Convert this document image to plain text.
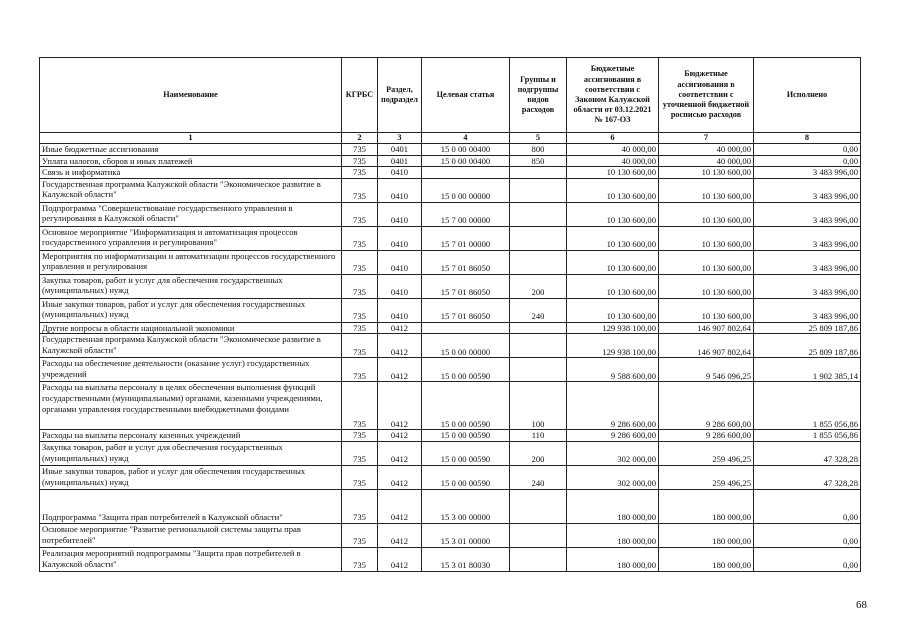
Наименование	КГРБС	Раздел, подраздел	Целевая статья	Группы и подгруппы видов расходов	Бюджетные ассигнования в соответствии с Законом Калужской области от 03.12.2021 № 167-ОЗ	Бюджетные ассигнования в соответствии с уточненной бюджетной росписью расходов	Исполнено
1	2	3	4	5	6	7	8
Иные бюджетные ассигнования	735	0401	15 0 00 00400	800	40 000,00	40 000,00	0,00
Уплата налогов, сборов и иных платежей	735	0401	15 0 00 00400	850	40 000,00	40 000,00	0,00
Связь и информатика	735	0410			10 130 600,00	10 130 600,00	3 483 996,00
Государственная программа Калужской области "Экономическое развитие в Калужской области"	735	0410	15 0 00 00000		10 130 600,00	10 130 600,00	3 483 996,00
Подпрограмма "Совершенствование государственного управления в регулирования в Калужской области"	735	0410	15 7 00 00000		10 130 600,00	10 130 600,00	3 483 996,00
Основное мероприятие "Информатизация и автоматизация процессов государственного управления и регулирования"	735	0410	15 7 01 00000		10 130 600,00	10 130 600,00	3 483 996,00
Мероприятия по информатизации и автоматизации процессов государственного управления и регулирования	735	0410	15 7 01 86050		10 130 600,00	10 130 600,00	3 483 996,00
Закупка товаров, работ и услуг для обеспечения государственных (муниципальных) нужд	735	0410	15 7 01 86050	200	10 130 600,00	10 130 600,00	3 483 996,00
Иные закупки товаров, работ и услуг для обеспечения государственных (муниципальных) нужд	735	0410	15 7 01 86050	240	10 130 600,00	10 130 600,00	3 483 996,00
Другие вопросы в области национальной экономики	735	0412			129 938 100,00	146 907 802,64	25 809 187,86
Государственная программа Калужской области "Экономическое развитие в Калужской области"	735	0412	15 0 00 00000		129 938 100,00	146 907 802,64	25 809 187,86
Расходы на обеспечение деятельности (оказание услуг) государственных учреждений	735	0412	15 0 00 00590		9 588 600,00	9 546 096,25	1 902 385,14
Расходы на выплаты персоналу в целях обеспечения выполнения функций государственными (муниципальными) органами, казенными учреждениями, органами управления государственными внебюджетными фондами	735	0412	15 0 00 00590	100	9 286 600,00	9 286 600,00	1 855 056,86
Расходы на выплаты персоналу казенных учреждений	735	0412	15 0 00 00590	110	9 286 600,00	9 286 600,00	1 855 056,86
Закупка товаров, работ и услуг для обеспечения государственных (муниципальных) нужд	735	0412	15 0 00 00590	200	302 000,00	259 496,25	47 328,28
Иные закупки товаров, работ и услуг для обеспечения государственных (муниципальных) нужд	735	0412	15 0 00 00590	240	302 000,00	259 496,25	47 328,28
Подпрограмма "Защита прав потребителей в Калужской области"	735	0412	15 3 00 00000		180 000,00	180 000,00	0,00
Основное мероприятие "Развитие региональной системы защиты прав потребителей"	735	0412	15 3 01 00000		180 000,00	180 000,00	0,00
Реализация мероприятий подпрограммы "Защита прав потребителей в Калужской области"	735	0412	15 3 01 80030		180 000,00	180 000,00	0,00
68
